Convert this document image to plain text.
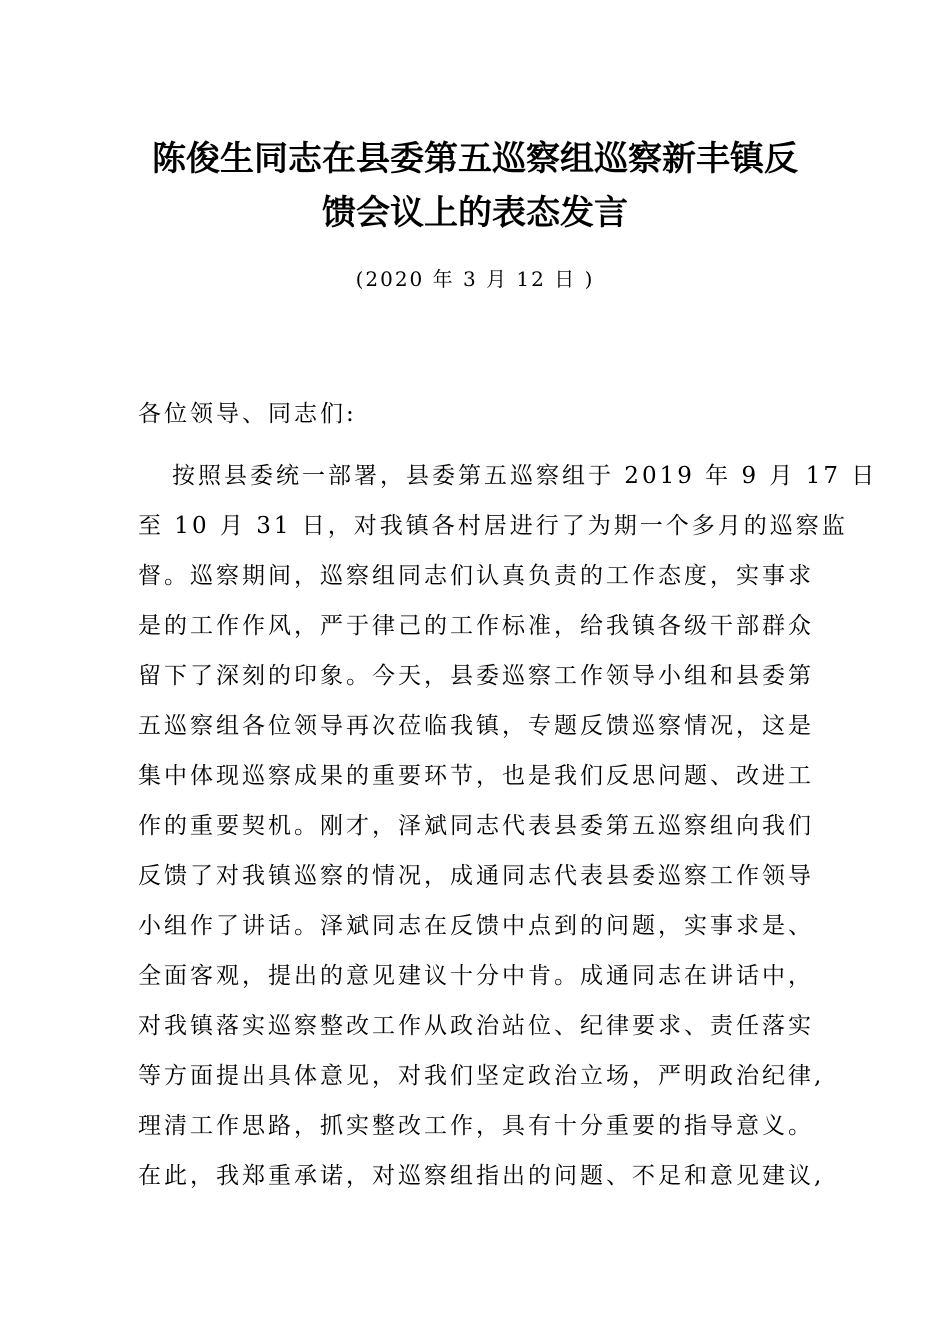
陈俊生同志在县委第五巡察组巡察新丰镇反
馈会议上的表态发言
(2020 年 3 月 12 日 )
各位领导、同志们:
按照县委统一部署，县委第五巡察组于 2019 年 9 月 17 日
至 10 月 31 日，对我镇各村居进行了为期一个多月的巡察监
督。巡察期间，巡察组同志们认真负责的工作态度，实事求
是的工作作风，严于律己的工作标准，给我镇各级干部群众
留下了深刻的印象。今天，县委巡察工作领导小组和县委第
五巡察组各位领导再次莅临我镇，专题反馈巡察情况，这是
集中体现巡察成果的重要环节，也是我们反思问题、改进工
作的重要契机。刚才，泽斌同志代表县委第五巡察组向我们
反馈了对我镇巡察的情况，成通同志代表县委巡察工作领导
小组作了讲话。泽斌同志在反馈中点到的问题，实事求是、
全面客观，提出的意见建议十分中肯。成通同志在讲话中，
对我镇落实巡察整改工作从政治站位、纪律要求、责任落实
等方面提出具体意见，对我们坚定政治立场，严明政治纪律,
理清工作思路，抓实整改工作，具有十分重要的指导意义。
在此，我郑重承诺，对巡察组指出的问题、不足和意见建议,
